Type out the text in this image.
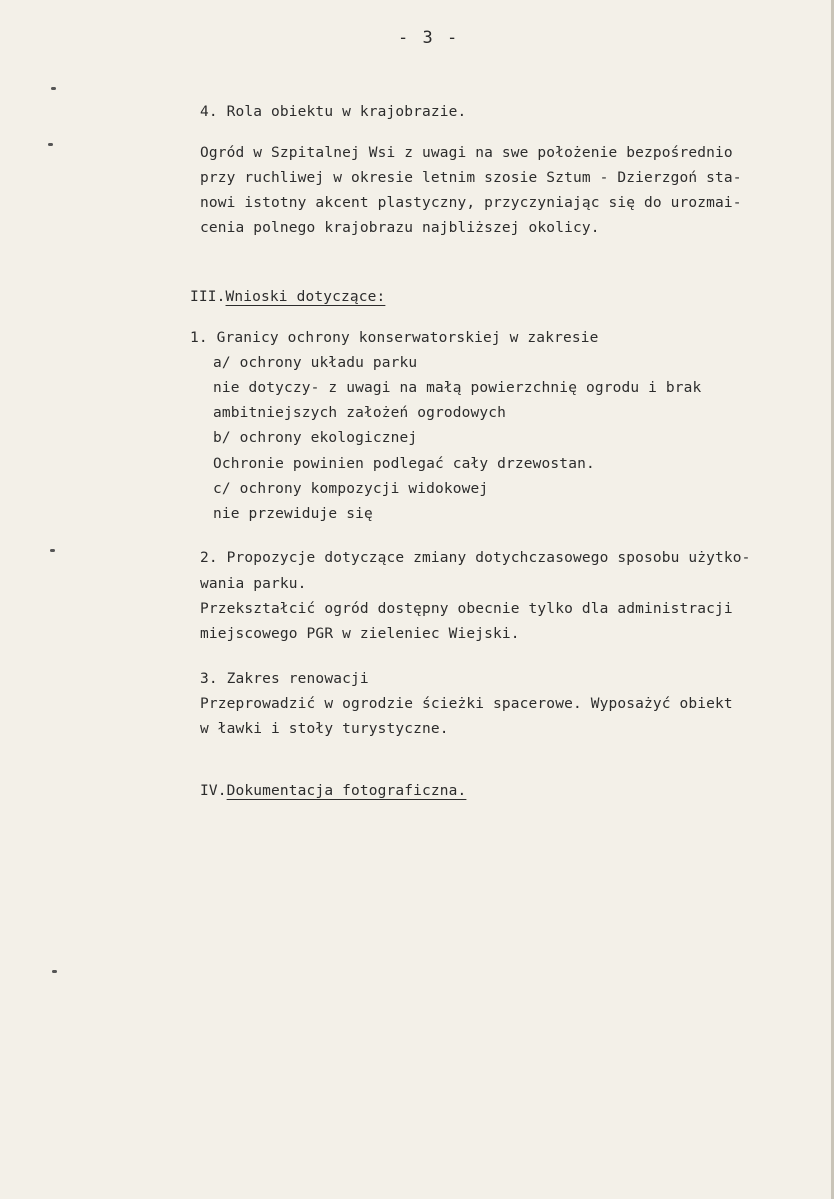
- 3 -
4. Rola obiektu w krajobrazie.
Ogród w Szpitalnej Wsi z uwagi na swe położenie bezpośrednio
przy ruchliwej w okresie letnim szosie Sztum - Dzierzgoń sta-
nowi istotny akcent plastyczny, przyczyniając się do urozmai-
cenia polnego krajobrazu najbliższej okolicy.
III.Wnioski dotyczące:
1. Granicy ochrony konserwatorskiej w zakresie
a/ ochrony układu parku
nie dotyczy- z uwagi na małą powierzchnię ogrodu i brak
ambitniejszych założeń ogrodowych
b/ ochrony ekologicznej
Ochronie powinien podlegać cały drzewostan.
c/ ochrony kompozycji widokowej
nie przewiduje się
2. Propozycje dotyczące zmiany dotychczasowego sposobu użytko-
wania parku.
Przekształcić ogród dostępny obecnie tylko dla administracji
miejscowego PGR w zieleniec Wiejski.
3. Zakres renowacji
Przeprowadzić w ogrodzie ścieżki spacerowe. Wyposażyć obiekt
w ławki i stoły turystyczne.
IV.Dokumentacja fotograficzna.
